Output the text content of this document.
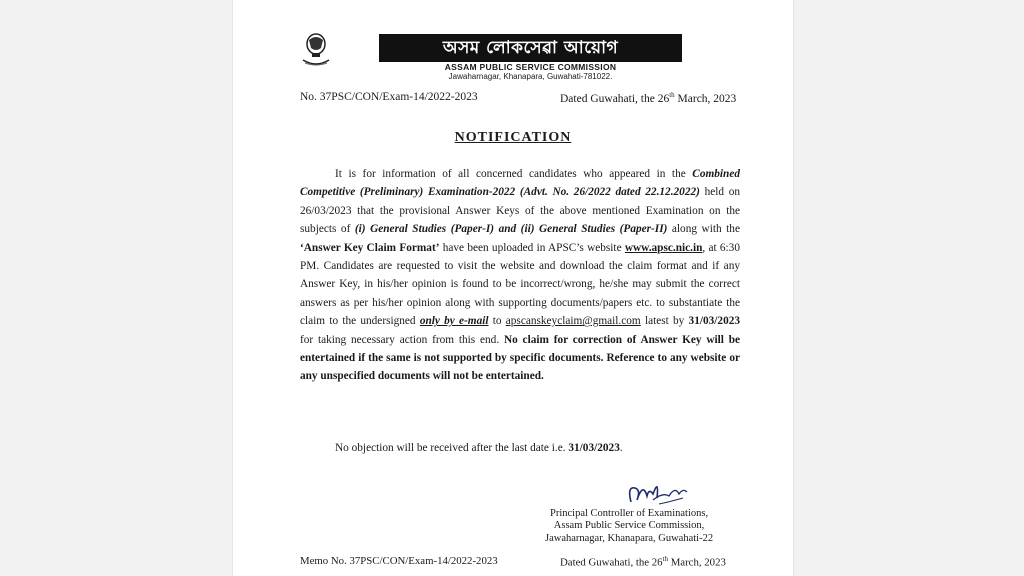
অসম লোকসেৱা আয়োগ
ASSAM PUBLIC SERVICE COMMISSION
Jawaharnagar, Khanapara, Guwahati-781022.
No. 37PSC/CON/Exam-14/2022-2023	Dated Guwahati, the 26th March, 2023
NOTIFICATION

It is for information of all concerned candidates who appeared in the Combined Competitive (Preliminary) Examination-2022 (Advt. No. 26/2022 dated 22.12.2022) held on 26/03/2023 that the provisional Answer Keys of the above mentioned Examination on the subjects of (i) General Studies (Paper-I) and (ii) General Studies (Paper-II) along with the ‘Answer Key Claim Format’ have been uploaded in APSC’s website www.apsc.nic.in, at 6:30 PM. Candidates are requested to visit the website and download the claim format and if any Answer Key, in his/her opinion is found to be incorrect/wrong, he/she may submit the correct answers as per his/her opinion along with supporting documents/papers etc. to substantiate the claim to the undersigned only by e-mail to apscanskeyclaim@gmail.com latest by 31/03/2023 for taking necessary action from this end. No claim for correction of Answer Key will be entertained if the same is not supported by specific documents. Reference to any website or any unspecified documents will not be entertained.

No objection will be received after the last date i.e. 31/03/2023.
Principal Controller of Examinations,
Assam Public Service Commission,
Jawaharnagar, Khanapara, Guwahati-22
Memo No. 37PSC/CON/Exam-14/2022-2023	Dated Guwahati, the 26th March, 2023
